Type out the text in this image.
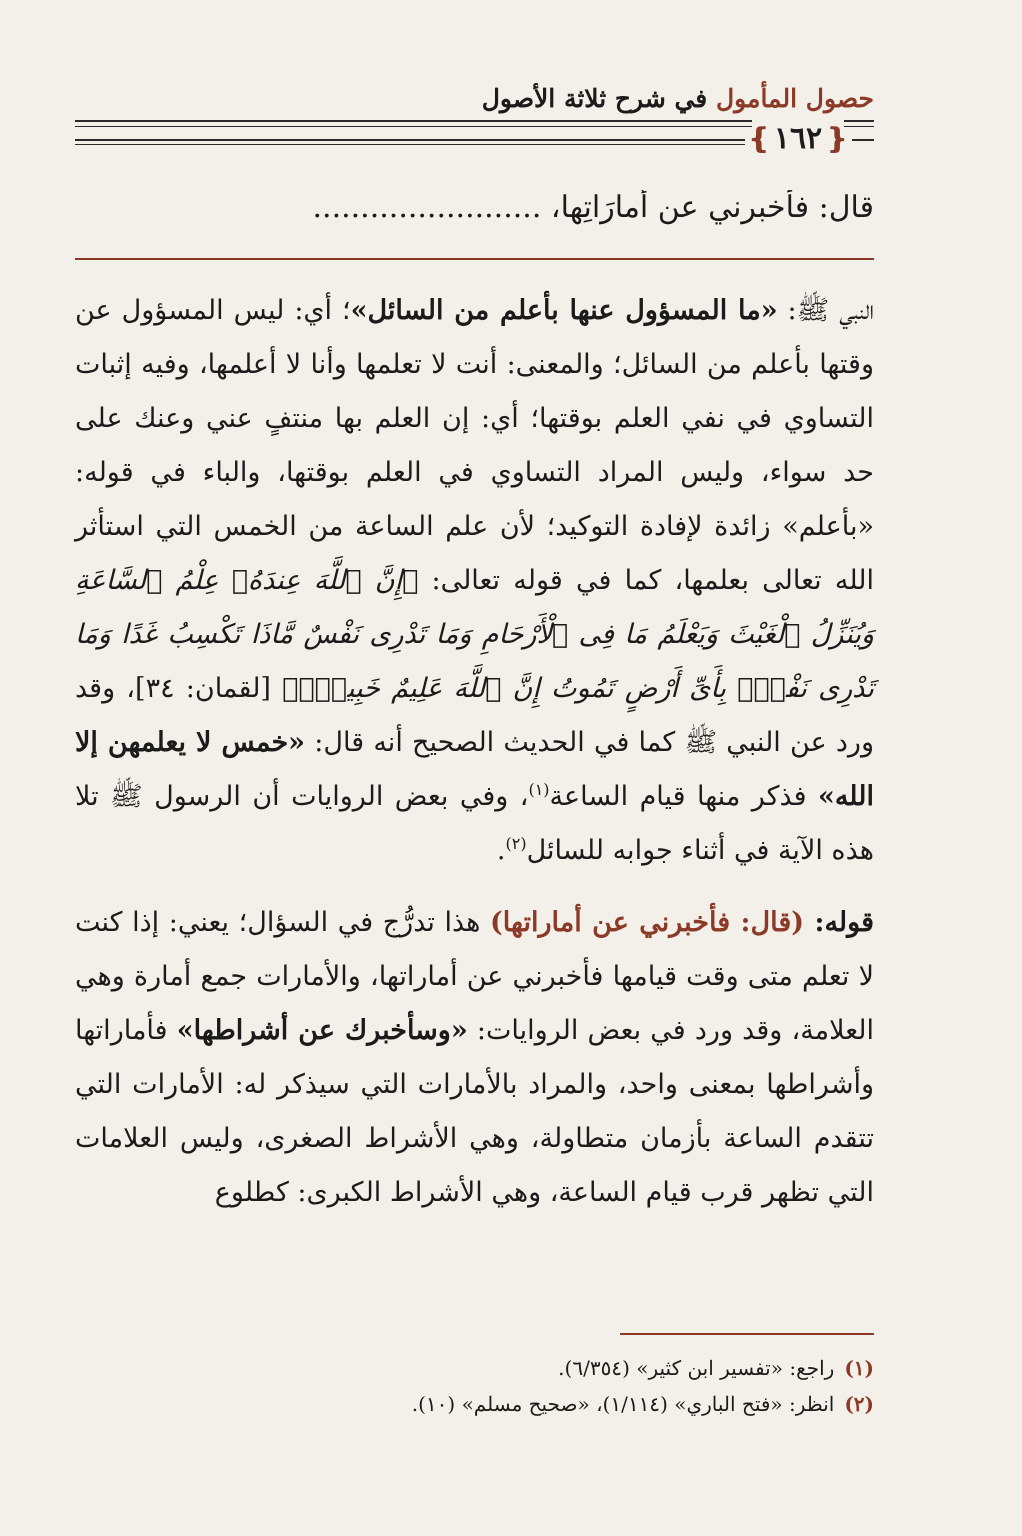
حصول المأمول في شرح ثلاثة الأصول
❴
١٦٢
❵
قال: فأخبرني عن أمارَاتِها، ........................

النبي ﷺ: «ما المسؤول عنها بأعلم من السائل»؛ أي: ليس المسؤول عن وقتها بأعلم من السائل؛ والمعنى: أنت لا تعلمها وأنا لا أعلمها، وفيه إثبات التساوي في نفي العلم بوقتها؛ أي: إن العلم بها منتفٍ عني وعنك على حد سواء، وليس المراد التساوي في العلم بوقتها، والباء في قوله: «بأعلم» زائدة لإفادة التوكيد؛ لأن علم الساعة من الخمس التي استأثر الله تعالى بعلمها، كما في قوله تعالى: ﴿إِنَّ ٱللَّهَ عِندَهُۥ عِلْمُ ٱلسَّاعَةِ وَيُنَزِّلُ ٱلْغَيْثَ وَيَعْلَمُ مَا فِى ٱلْأَرْحَامِ وَمَا تَدْرِى نَفْسٌ مَّاذَا تَكْسِبُ غَدًا وَمَا تَدْرِى نَفْسٌۢ بِأَىِّ أَرْضٍ تَمُوتُ إِنَّ ٱللَّهَ عَلِيمٌ خَبِيرٌۢ﴾ [لقمان: ٣٤]، وقد ورد عن النبي ﷺ كما في الحديث الصحيح أنه قال: «خمس لا يعلمهن إلا الله» فذكر منها قيام الساعة$^{(١)}$، وفي بعض الروايات أن الرسول ﷺ تلا هذه الآية في أثناء جوابه للسائل$^{(٢)}$.

قوله: (قال: فأخبرني عن أماراتها) هذا تدرُّج في السؤال؛ يعني: إذا كنت لا تعلم متى وقت قيامها فأخبرني عن أماراتها، والأمارات جمع أمارة وهي العلامة، وقد ورد في بعض الروايات: «وسأخبرك عن أشراطها» فأماراتها وأشراطها بمعنى واحد، والمراد بالأمارات التي سيذكر له: الأمارات التي تتقدم الساعة بأزمان متطاولة، وهي الأشراط الصغرى، وليس العلامات التي تظهر قرب قيام الساعة، وهي الأشراط الكبرى: كطلوع

(١)راجع: «تفسير ابن كثير» (٦/٣٥٤).
(٢)انظر: «فتح الباري» (١/١١٤)، «صحيح مسلم» (١٠).
